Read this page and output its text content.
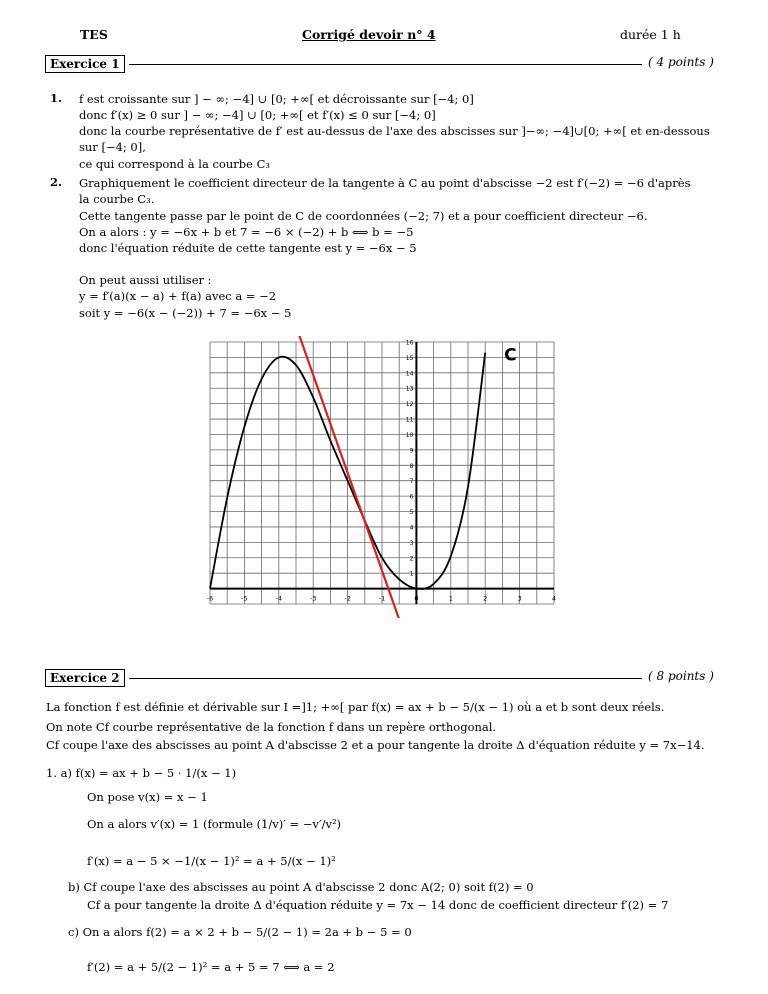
TES	Corrigé devoir n° 4	durée 1 h
Exercice 1	( 4 points )
1. f est croissante sur ] − ∞; −4] ∪ [0; +∞[ et décroissante sur [−4; 0]
donc f′(x) ≥ 0 sur ] − ∞; −4] ∪ [0; +∞[ et f′(x) ≤ 0 sur [−4; 0]
donc la courbe représentative de f′ est au-dessus de l'axe des abscisses sur ]−∞; −4]∪[0; +∞[ et en-dessous
sur [−4; 0],
ce qui correspond à la courbe C₃
2. Graphiquement le coefficient directeur de la tangente à C au point d'abscisse −2 est f′(−2) = −6 d'après
la courbe C₃.
Cette tangente passe par le point de C de coordonnées (−2; 7) et a pour coefficient directeur −6.
On a alors : y = −6x + b et 7 = −6 × (−2) + b ⟺ b = −5
donc l'équation réduite de cette tangente est y = −6x − 5
On peut aussi utiliser :
y = f′(a)(x − a) + f(a) avec a = −2
soit y = −6(x − (−2)) + 7 = −6x − 5
-6	-5	-4	-3	-2	-1	0	1	2	3	4
1
2
3
4
5
6
7
8
9
10
11
12
13
14
15
16
C
Exercice 2	( 8 points )
La fonction f est définie et dérivable sur I =]1; +∞[ par f(x) = ax + b − 5/(x − 1) où a et b sont deux réels.
On note Cf courbe représentative de la fonction f dans un repère orthogonal.
Cf coupe l'axe des abscisses au point A d'abscisse 2 et a pour tangente la droite Δ d'équation réduite y = 7x−14.
1. a) f(x) = ax + b − 5 · 1/(x − 1)
On pose v(x) = x − 1
On a alors v′(x) = 1 (formule (1/v)′ = −v′/v²)
f′(x) = a − 5 × −1/(x − 1)² = a + 5/(x − 1)²
b) Cf coupe l'axe des abscisses au point A d'abscisse 2 donc A(2; 0) soit f(2) = 0
Cf a pour tangente la droite Δ d'équation réduite y = 7x − 14 donc de coefficient directeur f′(2) = 7
c) On a alors f(2) = a × 2 + b − 5/(2 − 1) = 2a + b − 5 = 0
f′(2) = a + 5/(2 − 1)² = a + 5 = 7 ⟺ a = 2
